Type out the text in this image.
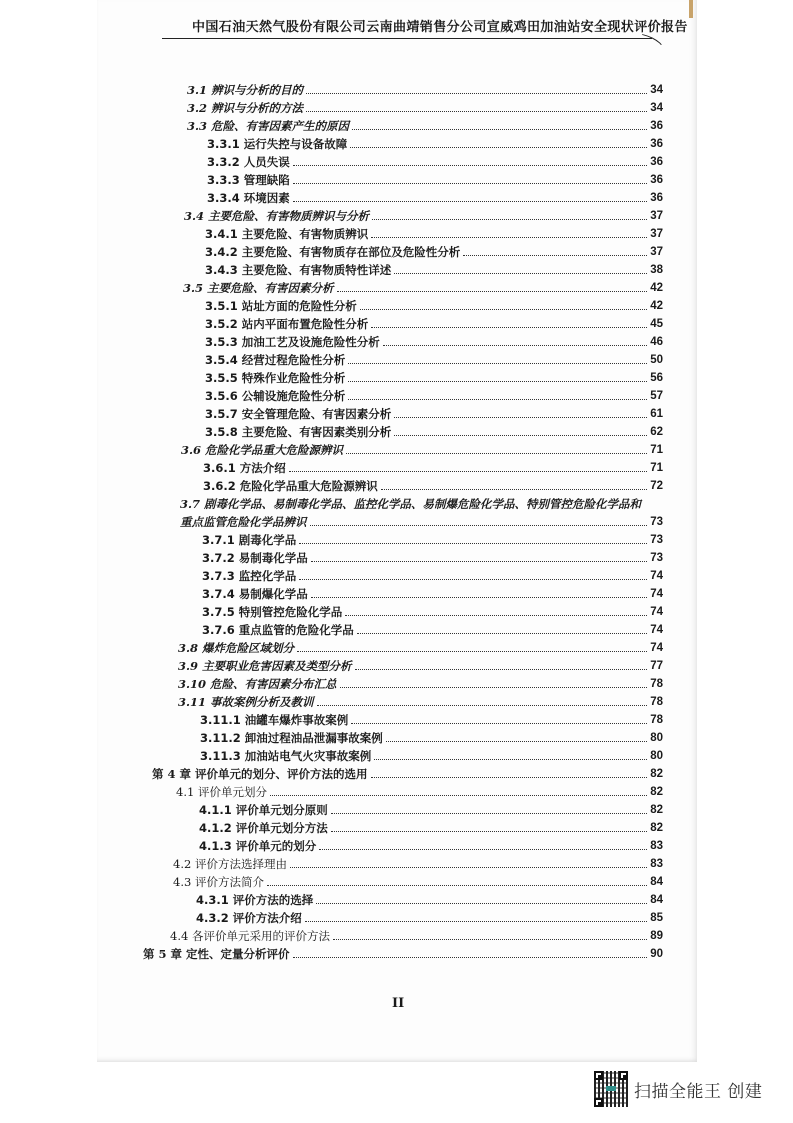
中国石油天然气股份有限公司云南曲靖销售分公司宣威鸡田加油站安全现状评价报告
3.1 辨识与分析的目的	34
3.2 辨识与分析的方法	34
3.3 危险、有害因素产生的原因	36
3.3.1 运行失控与设备故障	36
3.3.2 人员失误	36
3.3.3 管理缺陷	36
3.3.4 环境因素	36
3.4 主要危险、有害物质辨识与分析	37
3.4.1 主要危险、有害物质辨识	37
3.4.2 主要危险、有害物质存在部位及危险性分析	37
3.4.3 主要危险、有害物质特性详述	38
3.5 主要危险、有害因素分析	42
3.5.1 站址方面的危险性分析	42
3.5.2 站内平面布置危险性分析	45
3.5.3 加油工艺及设施危险性分析	46
3.5.4 经营过程危险性分析	50
3.5.5 特殊作业危险性分析	56
3.5.6 公辅设施危险性分析	57
3.5.7 安全管理危险、有害因素分析	61
3.5.8 主要危险、有害因素类别分析	62
3.6 危险化学品重大危险源辨识	71
3.6.1 方法介绍	71
3.6.2 危险化学品重大危险源辨识	72
3.7 剧毒化学品、易制毒化学品、监控化学品、易制爆危险化学品、特别管控危险化学品和
重点监管危险化学品辨识	73
3.7.1 剧毒化学品	73
3.7.2 易制毒化学品	73
3.7.3 监控化学品	74
3.7.4 易制爆化学品	74
3.7.5 特别管控危险化学品	74
3.7.6 重点监管的危险化学品	74
3.8 爆炸危险区域划分	74
3.9 主要职业危害因素及类型分析	77
3.10 危险、有害因素分布汇总	78
3.11 事故案例分析及教训	78
3.11.1 油罐车爆炸事故案例	78
3.11.2 卸油过程油品泄漏事故案例	80
3.11.3 加油站电气火灾事故案例	80
第 4 章 评价单元的划分、评价方法的选用	82
4.1 评价单元划分	82
4.1.1 评价单元划分原则	82
4.1.2 评价单元划分方法	82
4.1.3 评价单元的划分	83
4.2 评价方法选择理由	83
4.3 评价方法简介	84
4.3.1 评价方法的选择	84
4.3.2 评价方法介绍	85
4.4 各评价单元采用的评价方法	89
第 5 章 定性、定量分析评价	90
II
扫描全能王 创建
